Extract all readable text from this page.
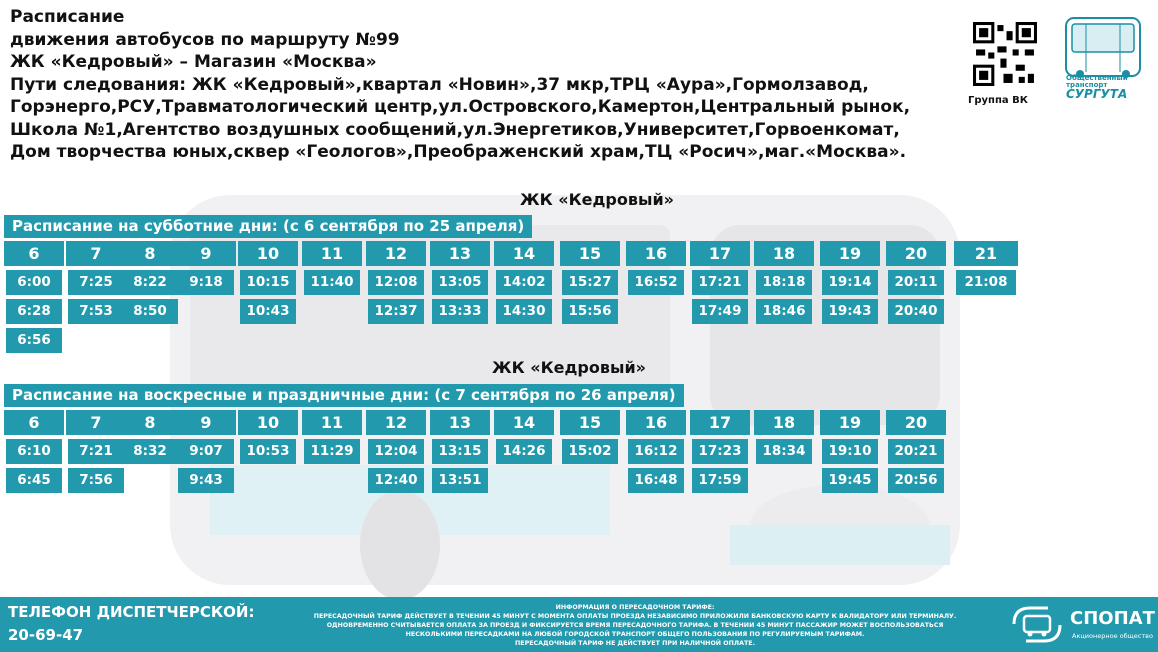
Расписание
движения автобусов по маршруту №99
ЖК «Кедровый» – Магазин «Москва»
Пути следования: ЖК «Кедровый»,квартал «Новин»,37 мкр,ТРЦ «Аура»,Гормолзавод,
Горэнерго,РСУ,Травматологический центр,ул.Островского,Камертон,Центральный рынок,
Школа №1,Агентство воздушных сообщений,ул.Энергетиков,Университет,Горвоенкомат,
Дом творчества юных,сквер «Геологов»,Преображенский храм,ТЦ «Росич»,маг.«Москва».
Группа ВК
Общественный
транспорт
СУРГУТА
ЖК «Кедровый»
Расписание на субботние дни: (с 6 сентября по 25 апреля)
ЖК «Кедровый»
Расписание на воскресные и праздничные дни: (с 7 сентября по 26 апреля)
6
6:00
6:28
6:56
7
7:25
7:53
8
8:22
8:50
9
9:18
10
10:15
10:43
11
11:40
12
12:08
12:37
13
13:05
13:33
14
14:02
14:30
15
15:27
15:56
16
16:52
17
17:21
17:49
18
18:18
18:46
19
19:14
19:43
20
20:11
20:40
21
21:08
6
6:10
6:45
7
7:21
7:56
8
8:32
9
9:07
9:43
10
10:53
11
11:29
12
12:04
12:40
13
13:15
13:51
14
14:26
15
15:02
16
16:12
16:48
17
17:23
17:59
18
18:34
19
19:10
19:45
20
20:21
20:56
ТЕЛЕФОН ДИСПЕТЧЕРСКОЙ:
20-69-47
ИНФОРМАЦИЯ О ПЕРЕСАДОЧНОМ ТАРИФЕ:
ПЕРЕСАДОЧНЫЙ ТАРИФ ДЕЙСТВУЕТ В ТЕЧЕНИИ 45 МИНУТ С МОМЕНТА ОПЛАТЫ ПРОЕЗДА НЕЗАВИСИМО ПРИЛОЖИЛИ БАНКОВСКУЮ КАРТУ К ВАЛИДАТОРУ ИЛИ ТЕРМИНАЛУ.
ОДНОВРЕМЕННО СЧИТЫВАЕТСЯ ОПЛАТА ЗА ПРОЕЗД И ФИКСИРУЕТСЯ ВРЕМЯ ПЕРЕСАДОЧНОГО ТАРИФА. В ТЕЧЕНИИ 45 МИНУТ ПАССАЖИР МОЖЕТ ВОСПОЛЬЗОВАТЬСЯ
НЕСКОЛЬКИМИ ПЕРЕСАДКАМИ НА ЛЮБОЙ ГОРОДСКОЙ ТРАНСПОРТ ОБЩЕГО ПОЛЬЗОВАНИЯ ПО РЕГУЛИРУЕМЫМ ТАРИФАМ.
ПЕРЕСАДОЧНЫЙ ТАРИФ НЕ ДЕЙСТВУЕТ ПРИ НАЛИЧНОЙ ОПЛАТЕ.
СПОПАТ
Акционерное общество
